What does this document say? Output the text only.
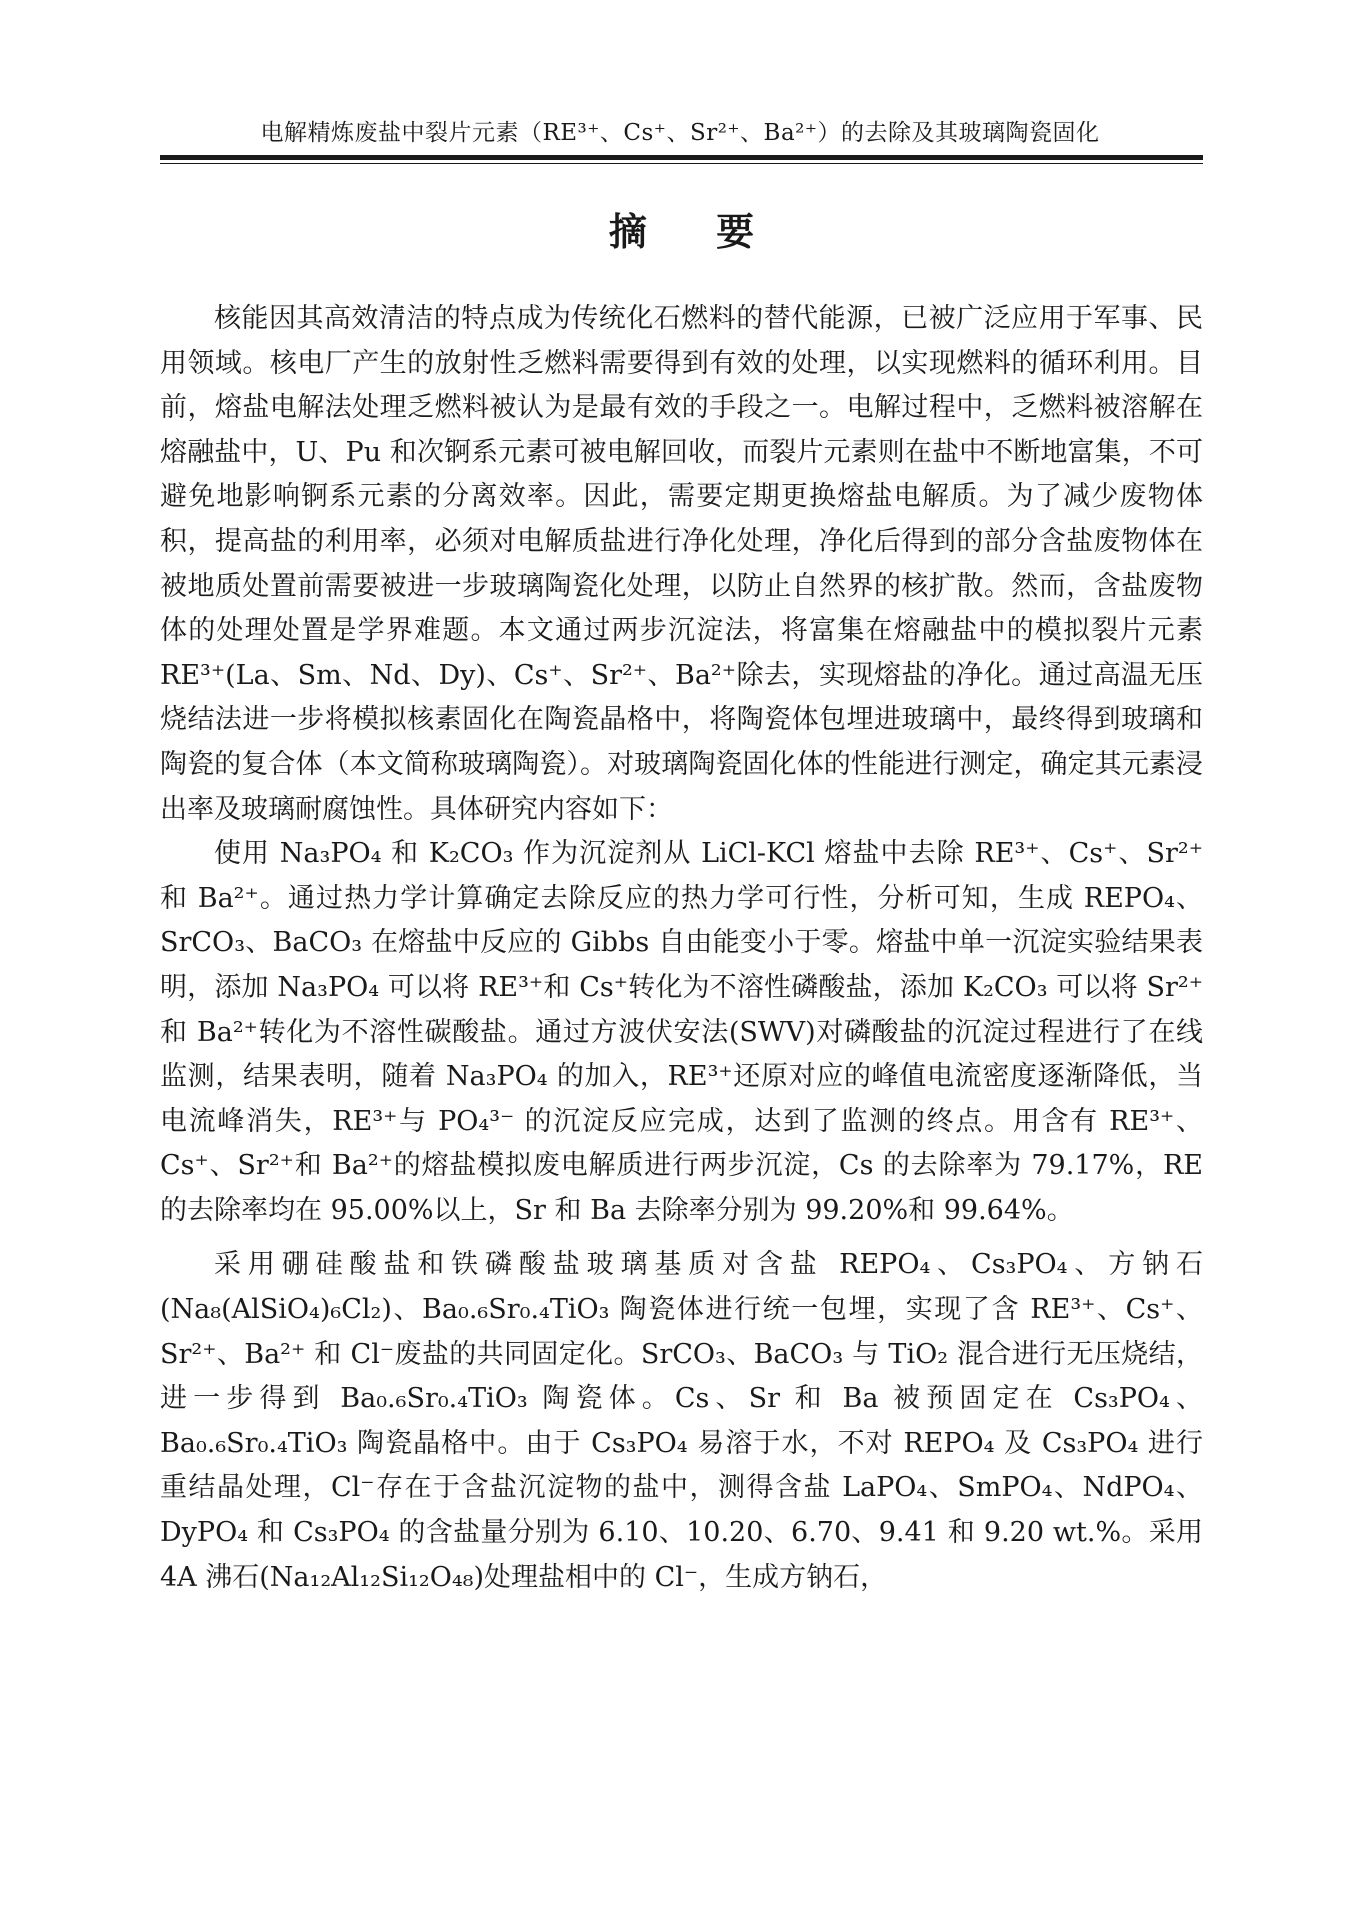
电解精炼废盐中裂片元素（RE³⁺、Cs⁺、Sr²⁺、Ba²⁺）的去除及其玻璃陶瓷固化
摘 要

核能因其高效清洁的特点成为传统化石燃料的替代能源，已被广泛应用于军事、民用领域。核电厂产生的放射性乏燃料需要得到有效的处理，以实现燃料的循环利用。目前，熔盐电解法处理乏燃料被认为是最有效的手段之一。电解过程中，乏燃料被溶解在熔融盐中，U、Pu 和次锕系元素可被电解回收，而裂片元素则在盐中不断地富集，不可避免地影响锕系元素的分离效率。因此，需要定期更换熔盐电解质。为了减少废物体积，提高盐的利用率，必须对电解质盐进行净化处理，净化后得到的部分含盐废物体在被地质处置前需要被进一步玻璃陶瓷化处理，以防止自然界的核扩散。然而，含盐废物体的处理处置是学界难题。本文通过两步沉淀法，将富集在熔融盐中的模拟裂片元素 RE³⁺(La、Sm、Nd、Dy)、Cs⁺、Sr²⁺、Ba²⁺除去，实现熔盐的净化。通过高温无压烧结法进一步将模拟核素固化在陶瓷晶格中，将陶瓷体包埋进玻璃中，最终得到玻璃和陶瓷的复合体（本文简称玻璃陶瓷）。对玻璃陶瓷固化体的性能进行测定，确定其元素浸出率及玻璃耐腐蚀性。具体研究内容如下：

使用 Na₃PO₄ 和 K₂CO₃ 作为沉淀剂从 LiCl-KCl 熔盐中去除 RE³⁺、Cs⁺、Sr²⁺和 Ba²⁺。通过热力学计算确定去除反应的热力学可行性，分析可知，生成 REPO₄、SrCO₃、BaCO₃ 在熔盐中反应的 Gibbs 自由能变小于零。熔盐中单一沉淀实验结果表明，添加 Na₃PO₄ 可以将 RE³⁺和 Cs⁺转化为不溶性磷酸盐，添加 K₂CO₃ 可以将 Sr²⁺和 Ba²⁺转化为不溶性碳酸盐。通过方波伏安法(SWV)对磷酸盐的沉淀过程进行了在线监测，结果表明，随着 Na₃PO₄ 的加入，RE³⁺还原对应的峰值电流密度逐渐降低，当电流峰消失，RE³⁺与 PO₄³⁻ 的沉淀反应完成，达到了监测的终点。用含有 RE³⁺、Cs⁺、Sr²⁺和 Ba²⁺的熔盐模拟废电解质进行两步沉淀，Cs 的去除率为 79.17%，RE 的去除率均在 95.00%以上，Sr 和 Ba 去除率分别为 99.20%和 99.64%。

采用硼硅酸盐和铁磷酸盐玻璃基质对含盐 REPO₄、Cs₃PO₄、方钠石(Na₈(AlSiO₄)₆Cl₂)、Ba₀.₆Sr₀.₄TiO₃ 陶瓷体进行统一包埋，实现了含 RE³⁺、Cs⁺、Sr²⁺、Ba²⁺ 和 Cl⁻废盐的共同固定化。SrCO₃、BaCO₃ 与 TiO₂ 混合进行无压烧结，进一步得到 Ba₀.₆Sr₀.₄TiO₃ 陶瓷体。Cs、Sr 和 Ba 被预固定在 Cs₃PO₄、Ba₀.₆Sr₀.₄TiO₃ 陶瓷晶格中。由于 Cs₃PO₄ 易溶于水，不对 REPO₄ 及 Cs₃PO₄ 进行重结晶处理，Cl⁻存在于含盐沉淀物的盐中，测得含盐 LaPO₄、SmPO₄、NdPO₄、DyPO₄ 和 Cs₃PO₄ 的含盐量分别为 6.10、10.20、6.70、9.41 和 9.20 wt.%。采用 4A 沸石(Na₁₂Al₁₂Si₁₂O₄₈)处理盐相中的 Cl⁻，生成方钠石，
